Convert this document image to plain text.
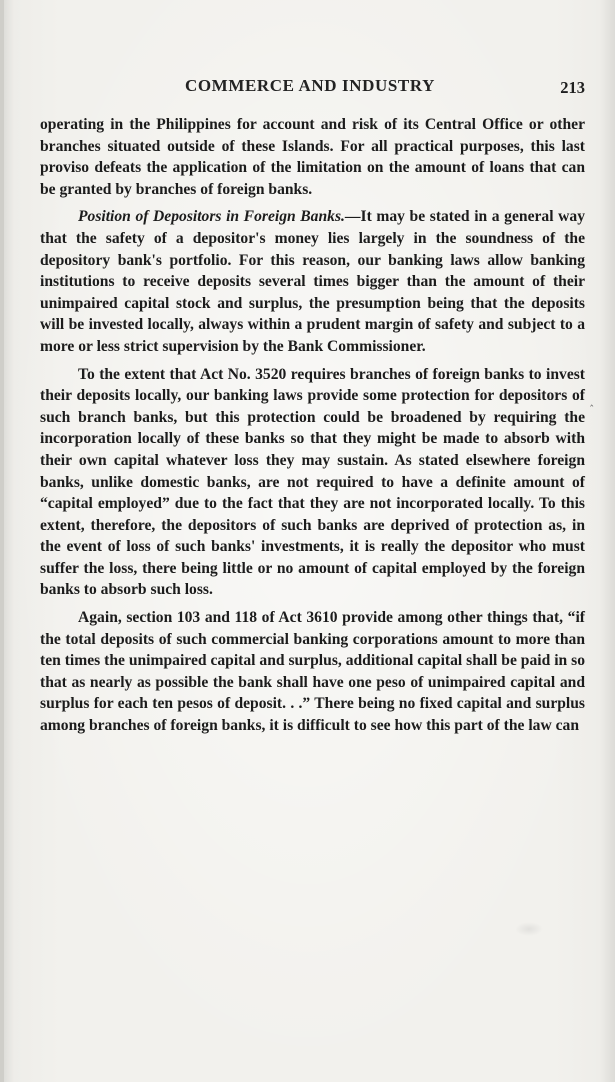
COMMERCE AND INDUSTRY	213

operating in the Philippines for account and risk of its Central Office or other branches situated outside of these Islands. For all practical purposes, this last proviso defeats the application of the limitation on the amount of loans that can be granted by branches of foreign banks.

Position of Depositors in Foreign Banks.—It may be stated in a general way that the safety of a depositor's money lies largely in the soundness of the depository bank's portfolio. For this reason, our banking laws allow banking institutions to receive deposits several times bigger than the amount of their unimpaired capital stock and surplus, the presumption being that the deposits will be invested locally, always within a prudent margin of safety and subject to a more or less strict supervision by the Bank Commissioner.

To the extent that Act No. 3520 requires branches of foreign banks to invest their deposits locally, our banking laws provide some protection for depositors of such branch banks, but this protection could be broadened by requiring the incorporation locally of these banks so that they might be made to absorb with their own capital whatever loss they may sustain. As stated elsewhere foreign banks, unlike domestic banks, are not required to have a definite amount of “capital employed” due to the fact that they are not incorporated locally. To this extent, therefore, the depositors of such banks are deprived of protection as, in the event of loss of such banks' investments, it is really the depositor who must suffer the loss, there being little or no amount of capital employed by the foreign banks to absorb such loss.

Again, section 103 and 118 of Act 3610 provide among other things that, “if the total deposits of such commercial banking corporations amount to more than ten times the unimpaired capital and surplus, additional capital shall be paid in so that as nearly as possible the bank shall have one peso of unimpaired capital and surplus for each ten pesos of deposit. . .” There being no fixed capital and surplus among branches of foreign banks, it is difficult to see how this part of the law can

‸
